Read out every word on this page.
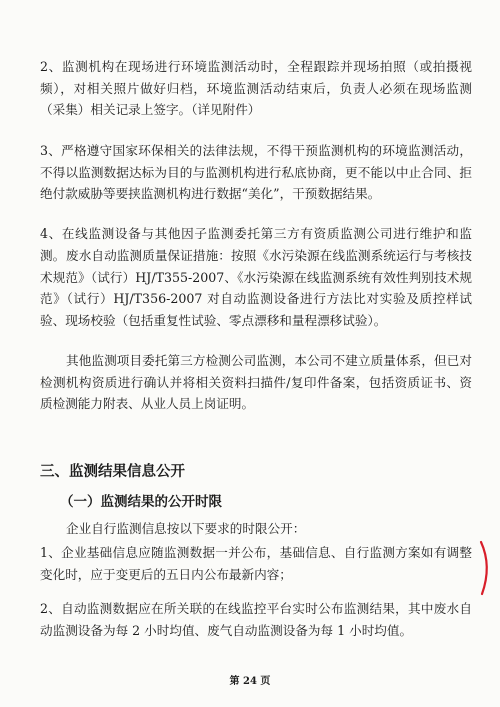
2、监测机构在现场进行环境监测活动时，全程跟踪并现场拍照（或拍摄视频），对相关照片做好归档，环境监测活动结束后，负责人必须在现场监测（采集）相关记录上签字。（详见附件）

3、严格遵守国家环保相关的法律法规，不得干预监测机构的环境监测活动，不得以监测数据达标为目的与监测机构进行私底协商，更不能以中止合同、拒绝付款威胁等要挟监测机构进行数据“美化”，干预数据结果。

4、在线监测设备与其他因子监测委托第三方有资质监测公司进行维护和监测。 废水自动监测质量保证措施：按照《水污染源在线监测系统运行与考核技术规范》（试行）HJ/T355-2007、《水污染源在线监测系统有效性判别技术规范》（试行）HJ/T356-2007 对自动监测设备进行方法比对实验及质控样试验、现场校验（包括重复性试验、零点漂移和量程漂移试验）。

其他监测项目委托第三方检测公司监测，本公司不建立质量体系，但已对检测机构资质进行确认并将相关资料扫描件/复印件备案，包括资质证书、资质检测能力附表、从业人员上岗证明。

三、监测结果信息公开
（一）监测结果的公开时限

企业自行监测信息按以下要求的时限公开：

1、企业基础信息应随监测数据一并公布，基础信息、自行监测方案如有调整变化时，应于变更后的五日内公布最新内容；

2、自动监测数据应在所关联的在线监控平台实时公布监测结果，其中废水自动监测设备为每 2 小时均值、废气自动监测设备为每 1 小时均值。

第 24 页
